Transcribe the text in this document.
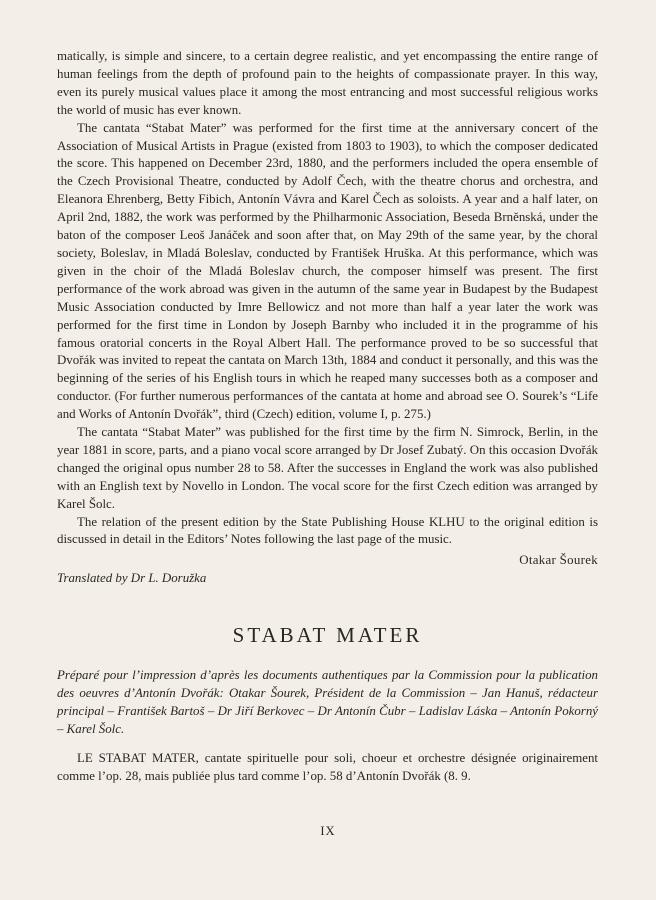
matically, is simple and sincere, to a certain degree realistic, and yet encompassing the entire range of human feelings from the depth of profound pain to the heights of compassionate prayer. In this way, even its purely musical values place it among the most entrancing and most successful religious works the world of music has ever known.

The cantata “Stabat Mater” was performed for the first time at the anniversary concert of the Association of Musical Artists in Prague (existed from 1803 to 1903), to which the composer dedicated the score. This happened on December 23rd, 1880, and the performers included the opera ensemble of the Czech Provisional Theatre, conducted by Adolf Čech, with the theatre chorus and orchestra, and Eleanora Ehrenberg, Betty Fibich, Antonín Vávra and Karel Čech as soloists. A year and a half later, on April 2nd, 1882, the work was performed by the Philharmonic Association, Beseda Brněnská, under the baton of the composer Leoš Janáček and soon after that, on May 29th of the same year, by the choral society, Boleslav, in Mladá Boleslav, conducted by František Hruška. At this performance, which was given in the choir of the Mladá Boleslav church, the composer himself was present. The first performance of the work abroad was given in the autumn of the same year in Budapest by the Budapest Music Association conducted by Imre Bellowicz and not more than half a year later the work was performed for the first time in London by Joseph Barnby who included it in the programme of his famous oratorial concerts in the Royal Albert Hall. The performance proved to be so successful that Dvořák was invited to repeat the cantata on March 13th, 1884 and conduct it personally, and this was the beginning of the series of his English tours in which he reaped many successes both as a composer and conductor. (For further numerous performances of the cantata at home and abroad see O. Sourek’s “Life and Works of Antonín Dvořák”, third (Czech) edition, volume I, p. 275.)

The cantata “Stabat Mater” was published for the first time by the firm N. Simrock, Berlin, in the year 1881 in score, parts, and a piano vocal score arranged by Dr Josef Zubatý. On this occasion Dvořák changed the original opus number 28 to 58. After the successes in England the work was also published with an English text by Novello in London. The vocal score for the first Czech edition was arranged by Karel Šolc.

The relation of the present edition by the State Publishing House KLHU to the original edition is discussed in detail in the Editors’ Notes following the last page of the music.

Otakar Šourek
Translated by Dr L. Doružka
STABAT MATER
Préparé pour l’impression d’après les documents authentiques par la Commission pour la publication des oeuvres d’Antonín Dvořák: Otakar Šourek, Président de la Commission – Jan Hanuš, rédacteur principal – František Bartoš – Dr Jiří Berkovec – Dr Antonín Čubr – Ladislav Láska – Antonín Pokorný – Karel Šolc.
LE STABAT MATER, cantate spirituelle pour soli, choeur et orchestre désignée originairement comme l’op. 28, mais publiée plus tard comme l’op. 58 d’Antonín Dvořák (8. 9.
IX
